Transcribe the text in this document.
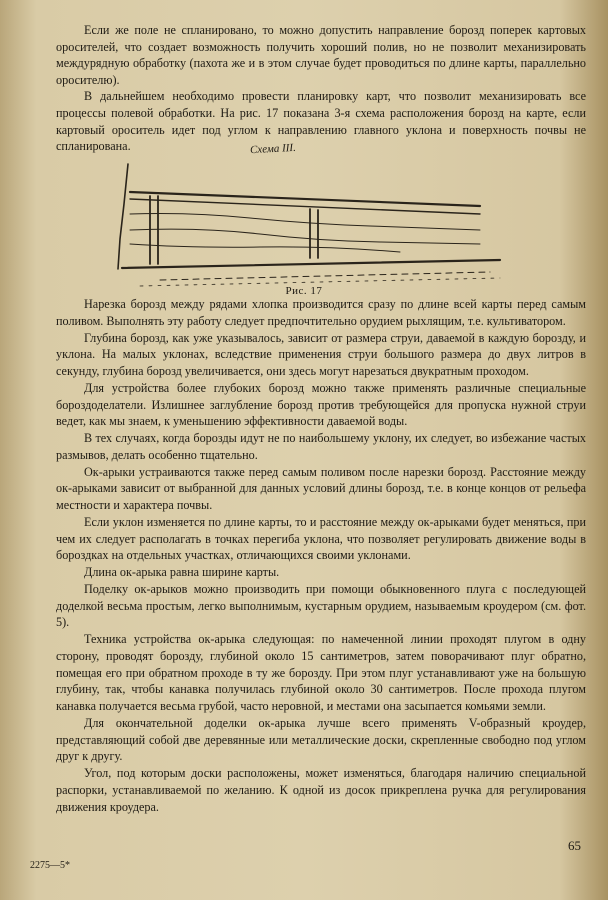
Если же поле не спланировано, то можно допустить направление борозд поперек картовых оросителей, что создает возможность получить хороший полив, но не позволит механизировать междурядную обработку (пахота же и в этом случае будет проводиться по длине карты, параллельно оросителю).

В дальнейшем необходимо провести планировку карт, что позволит механизировать все процессы полевой обработки. На рис. 17 показана 3-я схема расположения борозд на карте, если картовый ороситель идет под углом к направлению главного уклона и поверхность почвы не спланирована.	Схема III.
Рис. 17

Нарезка борозд между рядами хлопка производится сразу по длине всей карты перед самым поливом. Выполнять эту работу следует предпочтительно орудием рыхлящим, т.е. культиватором.

Глубина борозд, как уже указывалось, зависит от размера струи, даваемой в каждую борозду, и уклона. На малых уклонах, вследствие применения струи большого размера до двух литров в секунду, глубина борозд увеличивается, они здесь могут нарезаться двукратным проходом.

Для устройства более глубоких борозд можно также применять различные специальные бороздоделатели. Излишнее заглубление борозд против требующейся для пропуска нужной струи ведет, как мы знаем, к уменьшению эффективности даваемой воды.

В тех случаях, когда борозды идут не по наибольшему уклону, их следует, во избежание частых размывов, делать особенно тщательно.

Ок-арыки устраиваются также перед самым поливом после нарезки борозд. Расстояние между ок-арыками зависит от выбранной для данных условий длины борозд, т.е. в конце концов от рельефа местности и характера почвы.

Если уклон изменяется по длине карты, то и расстояние между ок-арыками будет меняться, при чем их следует располагать в точках перегиба уклона, что позволяет регулировать движение воды в бороздках на отдельных участках, отличающихся своими уклонами.

Длина ок-арыка равна ширине карты.

Поделку ок-арыков можно производить при помощи обыкновенного плуга с последующей доделкой весьма простым, легко выполнимым, кустарным орудием, называемым кроудером (см. фот. 5).

Техника устройства ок-арыка следующая: по намеченной линии проходят плугом в одну сторону, проводят борозду, глубиной около 15 сантиметров, затем поворачивают плуг обратно, помещая его при обратном проходе в ту же борозду. При этом плуг устанавливают уже на большую глубину, так, чтобы канавка получилась глубиной около 30 сантиметров. После прохода плугом канавка получается весьма грубой, часто неровной, и местами она засыпается комьями земли.

Для окончательной доделки ок-арыка лучше всего применять V-образный кроудер, представляющий собой две деревянные или металлические доски, скрепленные свободно под углом друг к другу.

Угол, под которым доски расположены, может изменяться, благодаря наличию специальной распорки, устанавливаемой по желанию. К одной из досок прикреплена ручка для регулирования движения кроудера.

65
2275—5*
